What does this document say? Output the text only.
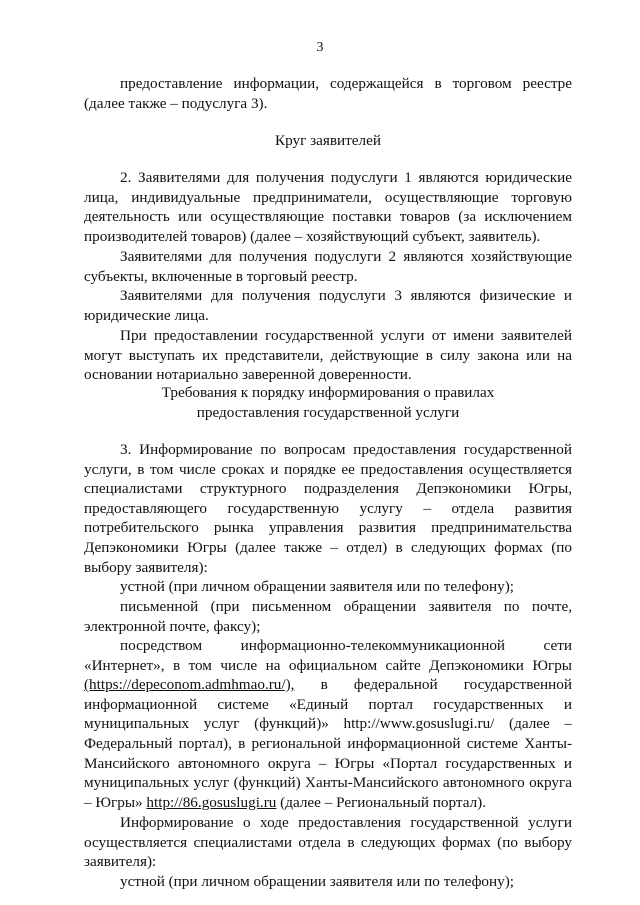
3

предоставление информации, содержащейся в торговом реестре

(далее также – подуслуга 3).

Круг заявителей

2. Заявителями для получения подуслуги 1 являются юридические

лица, индивидуальные предприниматели, осуществляющие торговую

деятельность или осуществляющие поставки товаров (за исключением

производителей товаров) (далее – хозяйствующий субъект, заявитель).

Заявителями для получения подуслуги 2 являются хозяйствующие

субъекты, включенные в торговый реестр.

Заявителями для получения подуслуги 3 являются физические и

юридические лица.

При предоставлении государственной услуги от имени заявителей

могут выступать их представители, действующие в силу закона или на

основании нотариально заверенной доверенности.

Требования к порядку информирования о правилах

предоставления государственной услуги

3. Информирование по вопросам предоставления государственной

услуги, в том числе сроках и порядке ее предоставления осуществляется

специалистами структурного подразделения Депэкономики Югры,

предоставляющего государственную услугу – отдела развития

потребительского рынка управления развития предпринимательства

Депэкономики Югры (далее также – отдел) в следующих формах (по

выбору заявителя):

устной (при личном обращении заявителя или по телефону);

письменной (при письменном обращении заявителя по почте,

электронной почте, факсу);

посредством информационно-телекоммуникационной сети

«Интернет», в том числе на официальном сайте Депэкономики Югры

(https://depeconom.admhmao.ru/), в федеральной государственной

информационной системе «Единый портал государственных и

муниципальных услуг (функций)» http://www.gosuslugi.ru/ (далее –

Федеральный портал), в региональной информационной системе Ханты-

Мансийского автономного округа – Югры «Портал государственных и

муниципальных услуг (функций) Ханты-Мансийского автономного округа

– Югры» http://86.gosuslugi.ru (далее – Региональный портал).

Информирование о ходе предоставления государственной услуги

осуществляется специалистами отдела в следующих формах (по выбору

заявителя):

устной (при личном обращении заявителя или по телефону);
